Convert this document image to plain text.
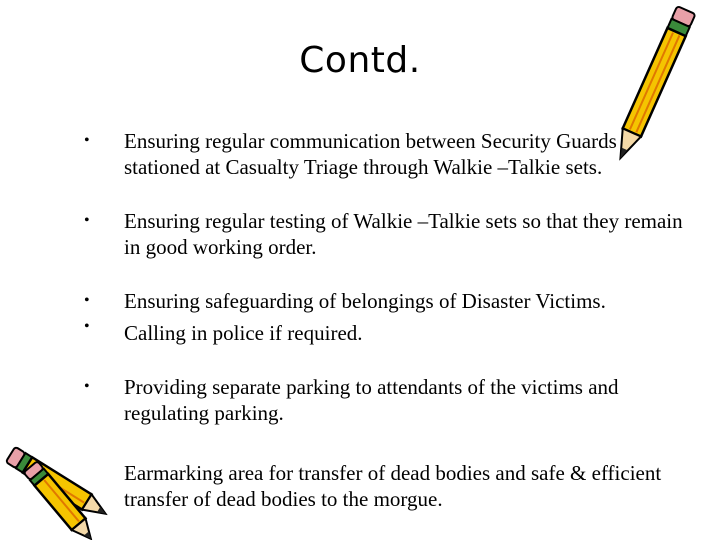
Contd.
•
•
•
•
•
Ensuring regular communication between Security Guards stationed at Casualty Triage through Walkie –Talkie sets.
Ensuring regular testing of Walkie –Talkie sets so that they remain in good working order.
Ensuring safeguarding of belongings of Disaster Victims.
Calling in police if required.
Providing separate parking to attendants of the victims and regulating parking.
Earmarking area for transfer of dead bodies and safe & efficient transfer of dead bodies to the morgue.
